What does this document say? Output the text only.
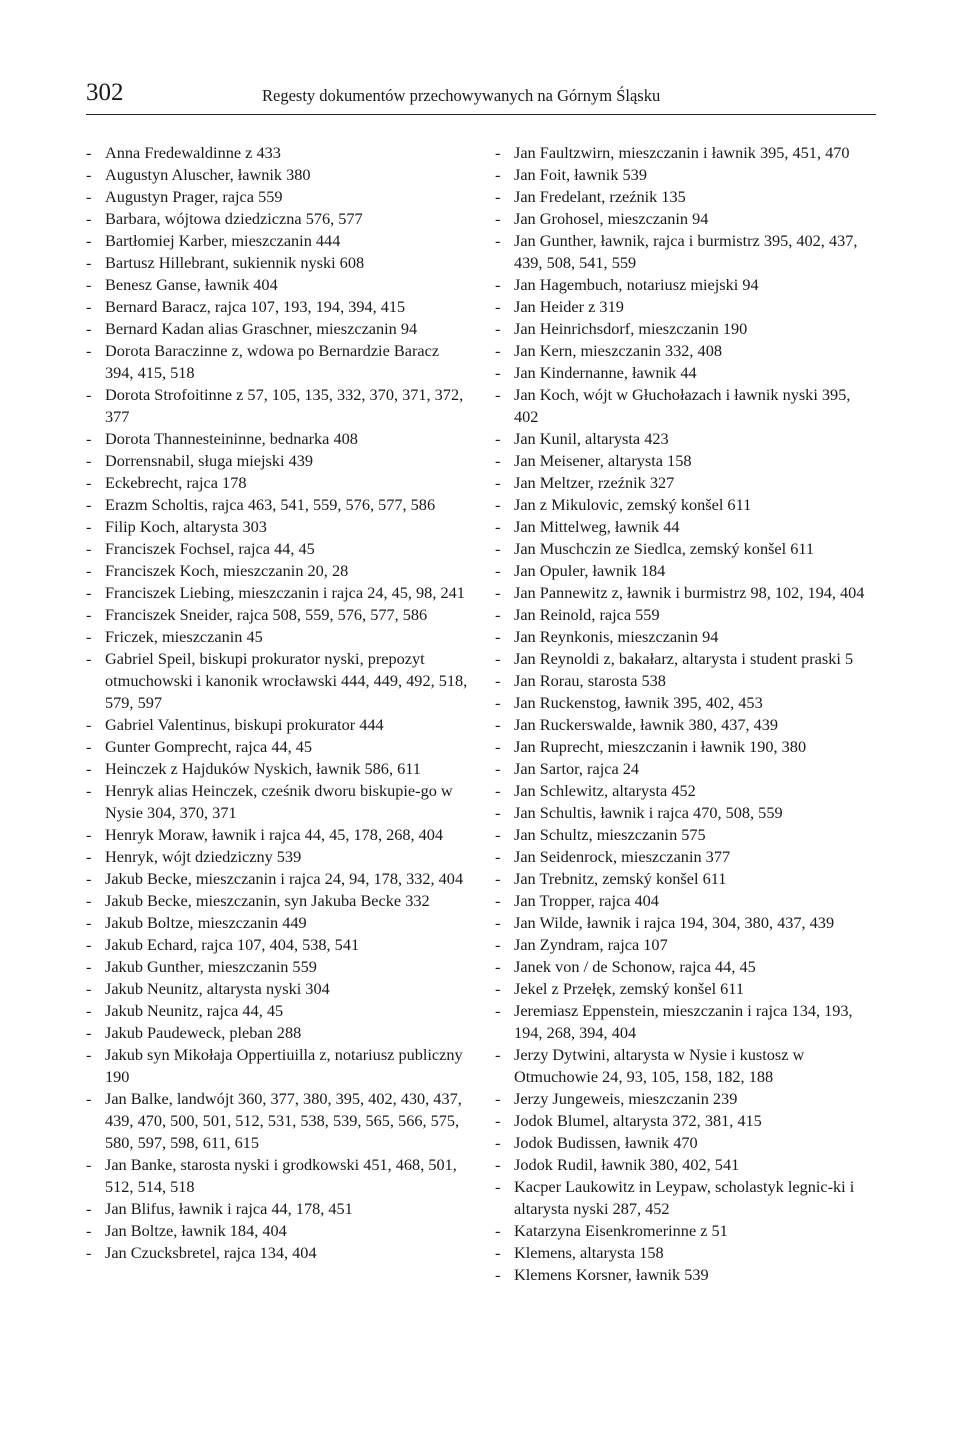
302	Regesty dokumentów przechowywanych na Górnym Śląsku
- Anna Fredewaldinne z 433
- Augustyn Aluscher, ławnik 380
- Augustyn Prager, rajca 559
- Barbara, wójtowa dziedziczna 576, 577
- Bartłomiej Karber, mieszczanin 444
- Bartusz Hillebrant, sukiennik nyski 608
- Benesz Ganse, ławnik 404
- Bernard Baracz, rajca 107, 193, 194, 394, 415
- Bernard Kadan alias Graschner, mieszczanin 94
- Dorota Baraczinne z, wdowa po Bernardzie Baracz 394, 415, 518
- Dorota Strofoitinne z 57, 105, 135, 332, 370, 371, 372, 377
- Dorota Thannesteininne, bednarka 408
- Dorrensnabil, sługa miejski 439
- Eckebrecht, rajca 178
- Erazm Scholtis, rajca 463, 541, 559, 576, 577, 586
- Filip Koch, altarysta 303
- Franciszek Fochsel, rajca 44, 45
- Franciszek Koch, mieszczanin 20, 28
- Franciszek Liebing, mieszczanin i rajca 24, 45, 98, 241
- Franciszek Sneider, rajca 508, 559, 576, 577, 586
- Friczek, mieszczanin 45
- Gabriel Speil, biskupi prokurator nyski, prepozyt otmuchowski i kanonik wrocławski 444, 449, 492, 518, 579, 597
- Gabriel Valentinus, biskupi prokurator 444
- Gunter Gomprecht, rajca 44, 45
- Heinczek z Hajduków Nyskich, ławnik 586, 611
- Henryk alias Heinczek, cześnik dworu biskupie-go w Nysie 304, 370, 371
- Henryk Moraw, ławnik i rajca 44, 45, 178, 268, 404
- Henryk, wójt dziedziczny 539
- Jakub Becke, mieszczanin i rajca 24, 94, 178, 332, 404
- Jakub Becke, mieszczanin, syn Jakuba Becke 332
- Jakub Boltze, mieszczanin 449
- Jakub Echard, rajca 107, 404, 538, 541
- Jakub Gunther, mieszczanin 559
- Jakub Neunitz, altarysta nyski 304
- Jakub Neunitz, rajca 44, 45
- Jakub Paudeweck, pleban 288
- Jakub syn Mikołaja Oppertiuilla z, notariusz publiczny 190
- Jan Balke, landwójt 360, 377, 380, 395, 402, 430, 437, 439, 470, 500, 501, 512, 531, 538, 539, 565, 566, 575, 580, 597, 598, 611, 615
- Jan Banke, starosta nyski i grodkowski 451, 468, 501, 512, 514, 518
- Jan Blifus, ławnik i rajca 44, 178, 451
- Jan Boltze, ławnik 184, 404
- Jan Czucksbretel, rajca 134, 404
- Jan Faultzwirn, mieszczanin i ławnik 395, 451, 470
- Jan Foit, ławnik 539
- Jan Fredelant, rzeźnik 135
- Jan Grohosel, mieszczanin 94
- Jan Gunther, ławnik, rajca i burmistrz 395, 402, 437, 439, 508, 541, 559
- Jan Hagembuch, notariusz miejski 94
- Jan Heider z 319
- Jan Heinrichsdorf, mieszczanin 190
- Jan Kern, mieszczanin 332, 408
- Jan Kindernanne, ławnik 44
- Jan Koch, wójt w Głuchołazach i ławnik nyski 395, 402
- Jan Kunil, altarysta 423
- Jan Meisener, altarysta 158
- Jan Meltzer, rzeźnik 327
- Jan z Mikulovic, zemský konšel 611
- Jan Mittelweg, ławnik 44
- Jan Muschczin ze Siedlca, zemský konšel 611
- Jan Opuler, ławnik 184
- Jan Pannewitz z, ławnik i burmistrz 98, 102, 194, 404
- Jan Reinold, rajca 559
- Jan Reynkonis, mieszczanin 94
- Jan Reynoldi z, bakałarz, altarysta i student praski 5
- Jan Rorau, starosta 538
- Jan Ruckenstog, ławnik 395, 402, 453
- Jan Ruckerswalde, ławnik 380, 437, 439
- Jan Ruprecht, mieszczanin i ławnik 190, 380
- Jan Sartor, rajca 24
- Jan Schlewitz, altarysta 452
- Jan Schultis, ławnik i rajca 470, 508, 559
- Jan Schultz, mieszczanin 575
- Jan Seidenrock, mieszczanin 377
- Jan Trebnitz, zemský konšel 611
- Jan Tropper, rajca 404
- Jan Wilde, ławnik i rajca 194, 304, 380, 437, 439
- Jan Zyndram, rajca 107
- Janek von / de Schonow, rajca 44, 45
- Jekel z Przełęk, zemský konšel 611
- Jeremiasz Eppenstein, mieszczanin i rajca 134, 193, 194, 268, 394, 404
- Jerzy Dytwini, altarysta w Nysie i kustosz w Otmuchowie 24, 93, 105, 158, 182, 188
- Jerzy Jungeweis, mieszczanin 239
- Jodok Blumel, altarysta 372, 381, 415
- Jodok Budissen, ławnik 470
- Jodok Rudil, ławnik 380, 402, 541
- Kacper Laukowitz in Leypaw, scholastyk legnic-ki i altarysta nyski 287, 452
- Katarzyna Eisenkromerinne z 51
- Klemens, altarysta 158
- Klemens Korsner, ławnik 539
